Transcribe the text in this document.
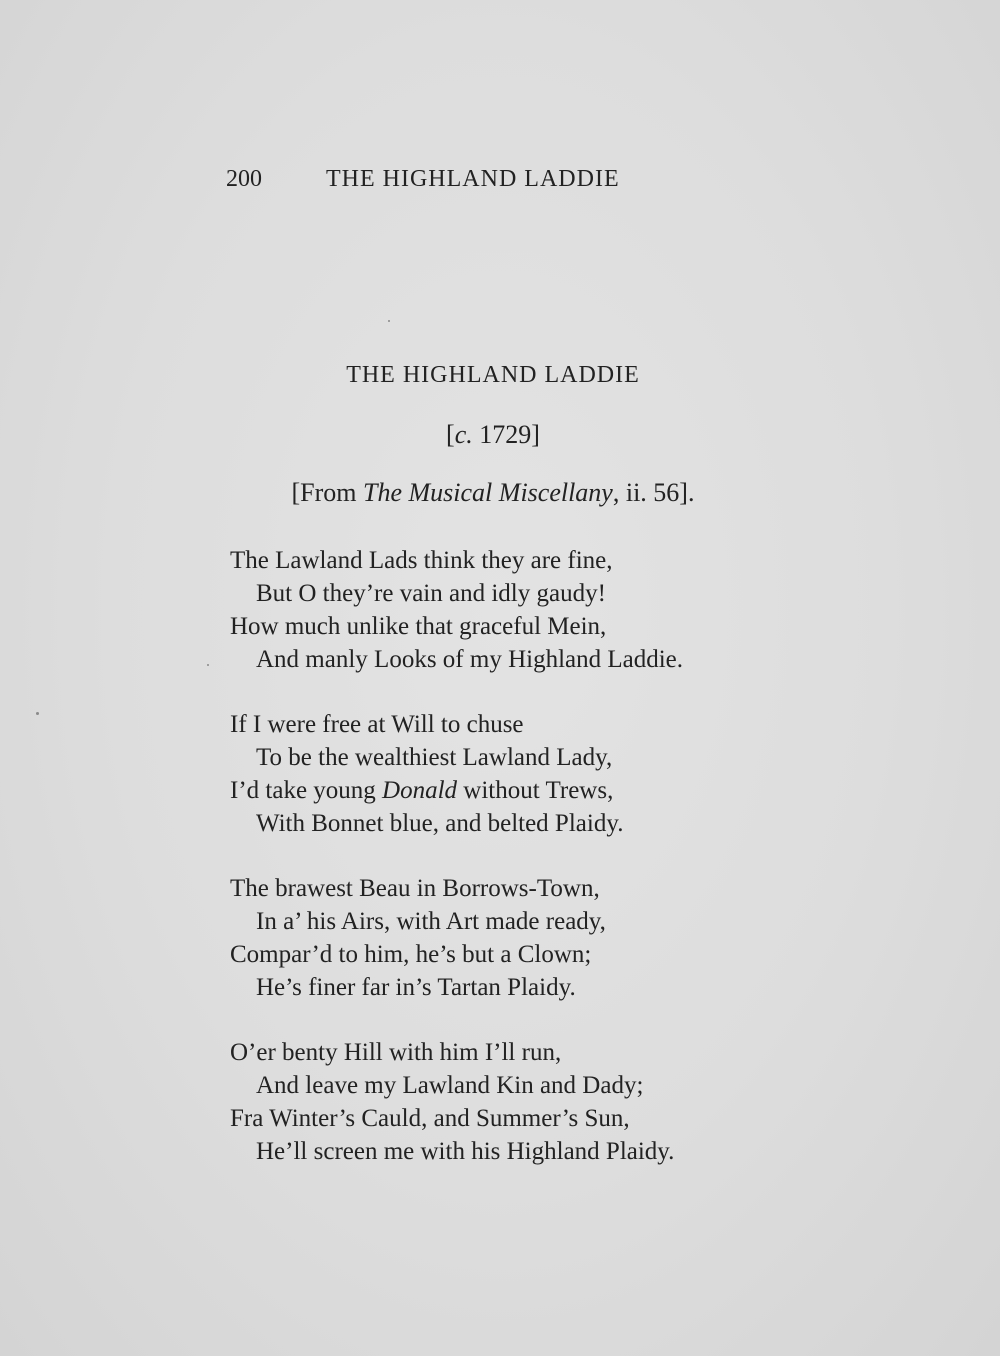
200	THE HIGHLAND LADDIE
THE HIGHLAND LADDIE
[c. 1729]
[From The Musical Miscellany, ii. 56].
The Lawland Lads think they are fine,
But O they’re vain and idly gaudy!
How much unlike that graceful Mein,
And manly Looks of my Highland Laddie.
If I were free at Will to chuse
To be the wealthiest Lawland Lady,
I’d take young Donald without Trews,
With Bonnet blue, and belted Plaidy.
The brawest Beau in Borrows-Town,
In a’ his Airs, with Art made ready,
Compar’d to him, he’s but a Clown;
He’s finer far in’s Tartan Plaidy.
O’er benty Hill with him I’ll run,
And leave my Lawland Kin and Dady;
Fra Winter’s Cauld, and Summer’s Sun,
He’ll screen me with his Highland Plaidy.
